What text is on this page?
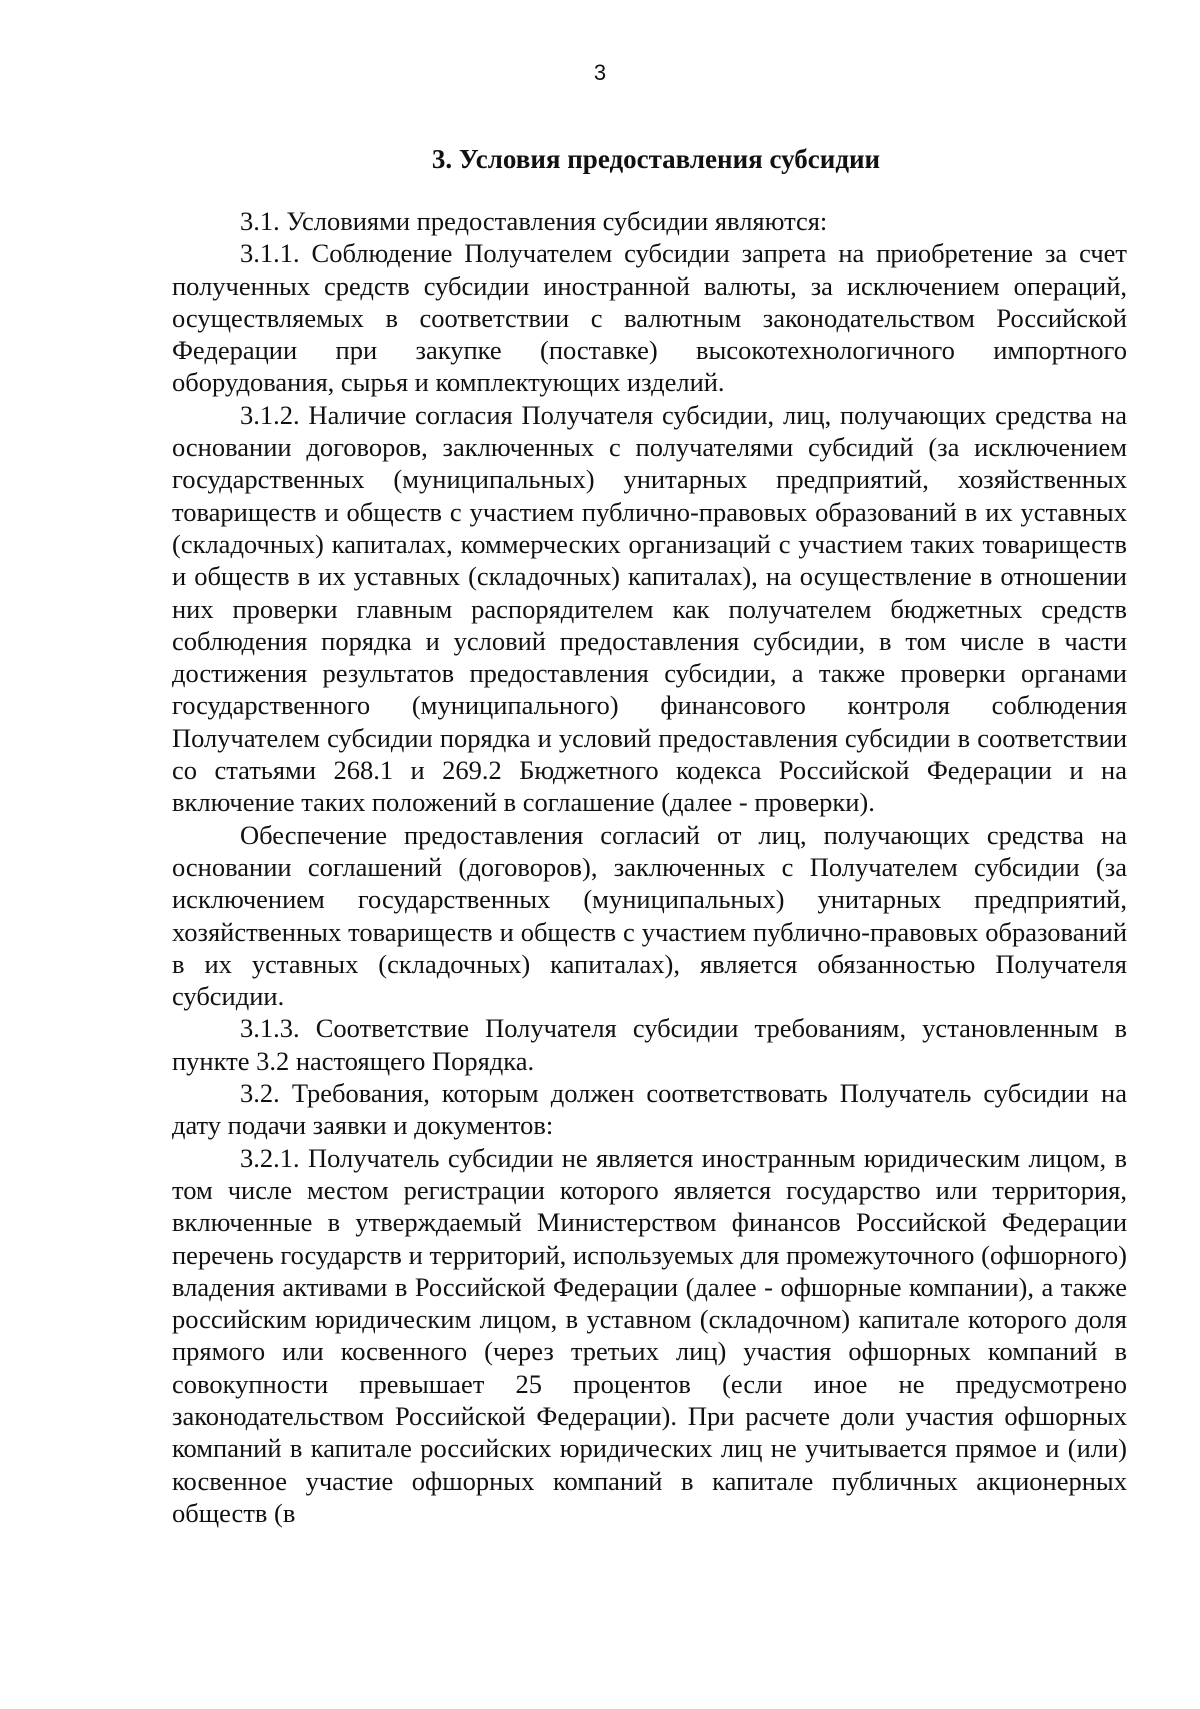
3
3. Условия предоставления субсидии

3.1. Условиями предоставления субсидии являются:

3.1.1. Соблюдение Получателем субсидии запрета на приобретение за счет полученных средств субсидии иностранной валюты, за исключением операций, осуществляемых в соответствии с валютным законодательством Российской Федерации при закупке (поставке) высокотехнологичного импортного оборудования, сырья и комплектующих изделий.

3.1.2. Наличие согласия Получателя субсидии, лиц, получающих средства на основании договоров, заключенных с получателями субсидий (за исключением государственных (муниципальных) унитарных предприятий, хозяйственных товариществ и обществ с участием публично-правовых образований в их уставных (складочных) капиталах, коммерческих организаций с участием таких товариществ и обществ в их уставных (складочных) капиталах), на осуществление в отношении них проверки главным распорядителем как получателем бюджетных средств соблюдения порядка и условий предоставления субсидии, в том числе в части достижения результатов предоставления субсидии, а также проверки органами государственного (муниципального) финансового контроля соблюдения Получателем субсидии порядка и условий предоставления субсидии в соответствии со статьями 268.1 и 269.2 Бюджетного кодекса Российской Федерации и на включение таких положений в соглашение (далее - проверки).

Обеспечение предоставления согласий от лиц, получающих средства на основании соглашений (договоров), заключенных с Получателем субсидии (за исключением государственных (муниципальных) унитарных предприятий, хозяйственных товариществ и обществ с участием публично-правовых образований в их уставных (складочных) капиталах), является обязанностью Получателя субсидии.

3.1.3. Соответствие Получателя субсидии требованиям, установленным в пункте 3.2 настоящего Порядка.

3.2. Требования, которым должен соответствовать Получатель субсидии на дату подачи заявки и документов:

3.2.1. Получатель субсидии не является иностранным юридическим лицом, в том числе местом регистрации которого является государство или территория, включенные в утверждаемый Министерством финансов Российской Федерации перечень государств и территорий, используемых для промежуточного (офшорного) владения активами в Российской Федерации (далее - офшорные компании), а также российским юридическим лицом, в уставном (складочном) капитале которого доля прямого или косвенного (через третьих лиц) участия офшорных компаний в совокупности превышает 25 процентов (если иное не предусмотрено законодательством Российской Федерации). При расчете доли участия офшорных компаний в капитале российских юридических лиц не учитывается прямое и (или) косвенное участие офшорных компаний в капитале публичных акционерных обществ (в
